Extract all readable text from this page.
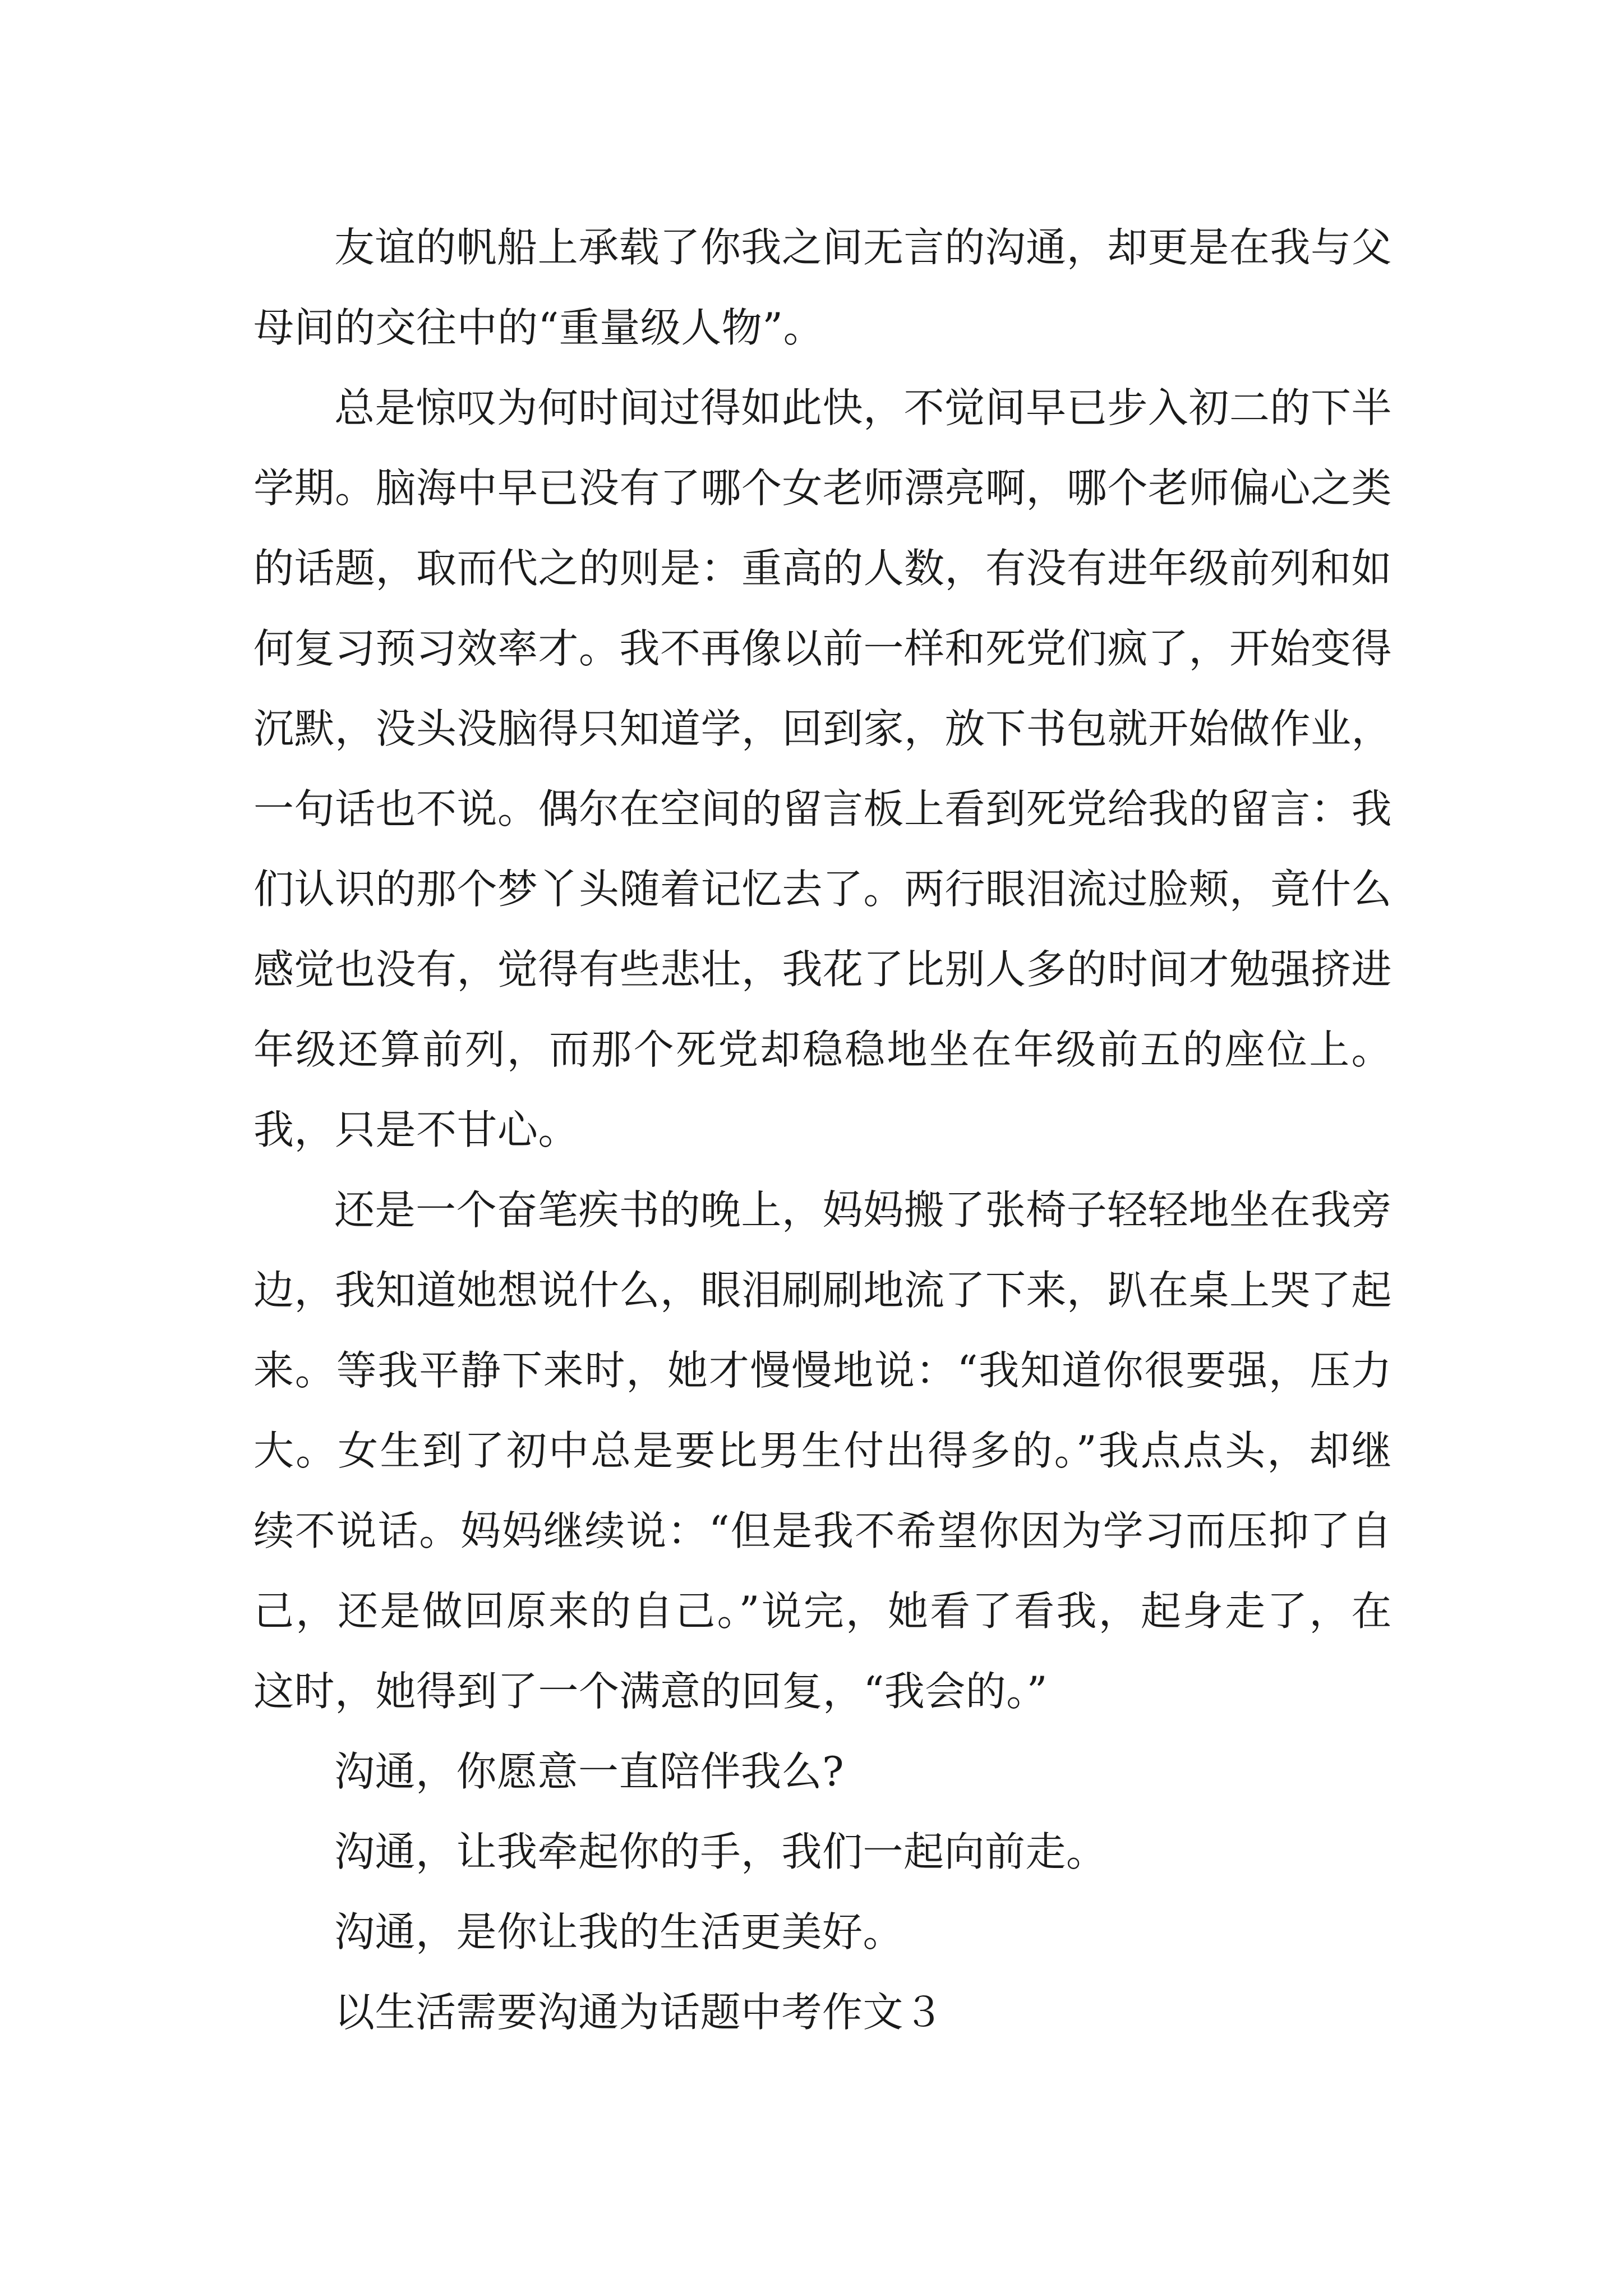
友谊的帆船上承载了你我之间无言的沟通，却更是在我与父母间的交往中的“重量级人物”。

总是惊叹为何时间过得如此快，不觉间早已步入初二的下半学期。脑海中早已没有了哪个女老师漂亮啊，哪个老师偏心之类的话题，取而代之的则是：重高的人数，有没有进年级前列和如何复习预习效率才。我不再像以前一样和死党们疯了，开始变得沉默，没头没脑得只知道学，回到家，放下书包就开始做作业，一句话也不说。偶尔在空间的留言板上看到死党给我的留言：我们认识的那个梦丫头随着记忆去了。两行眼泪流过脸颊，竟什么感觉也没有，觉得有些悲壮，我花了比别人多的时间才勉强挤进年级还算前列，而那个死党却稳稳地坐在年级前五的座位上。我，只是不甘心。

还是一个奋笔疾书的晚上，妈妈搬了张椅子轻轻地坐在我旁边，我知道她想说什么，眼泪刷刷地流了下来，趴在桌上哭了起来。等我平静下来时，她才慢慢地说：“我知道你很要强，压力大。女生到了初中总是要比男生付出得多的。”我点点头，却继续不说话。妈妈继续说：“但是我不希望你因为学习而压抑了自己，还是做回原来的自己。”说完，她看了看我，起身走了，在这时，她得到了一个满意的回复，“我会的。”

沟通，你愿意一直陪伴我么?

沟通，让我牵起你的手，我们一起向前走。

沟通，是你让我的生活更美好。

以生活需要沟通为话题中考作文３
